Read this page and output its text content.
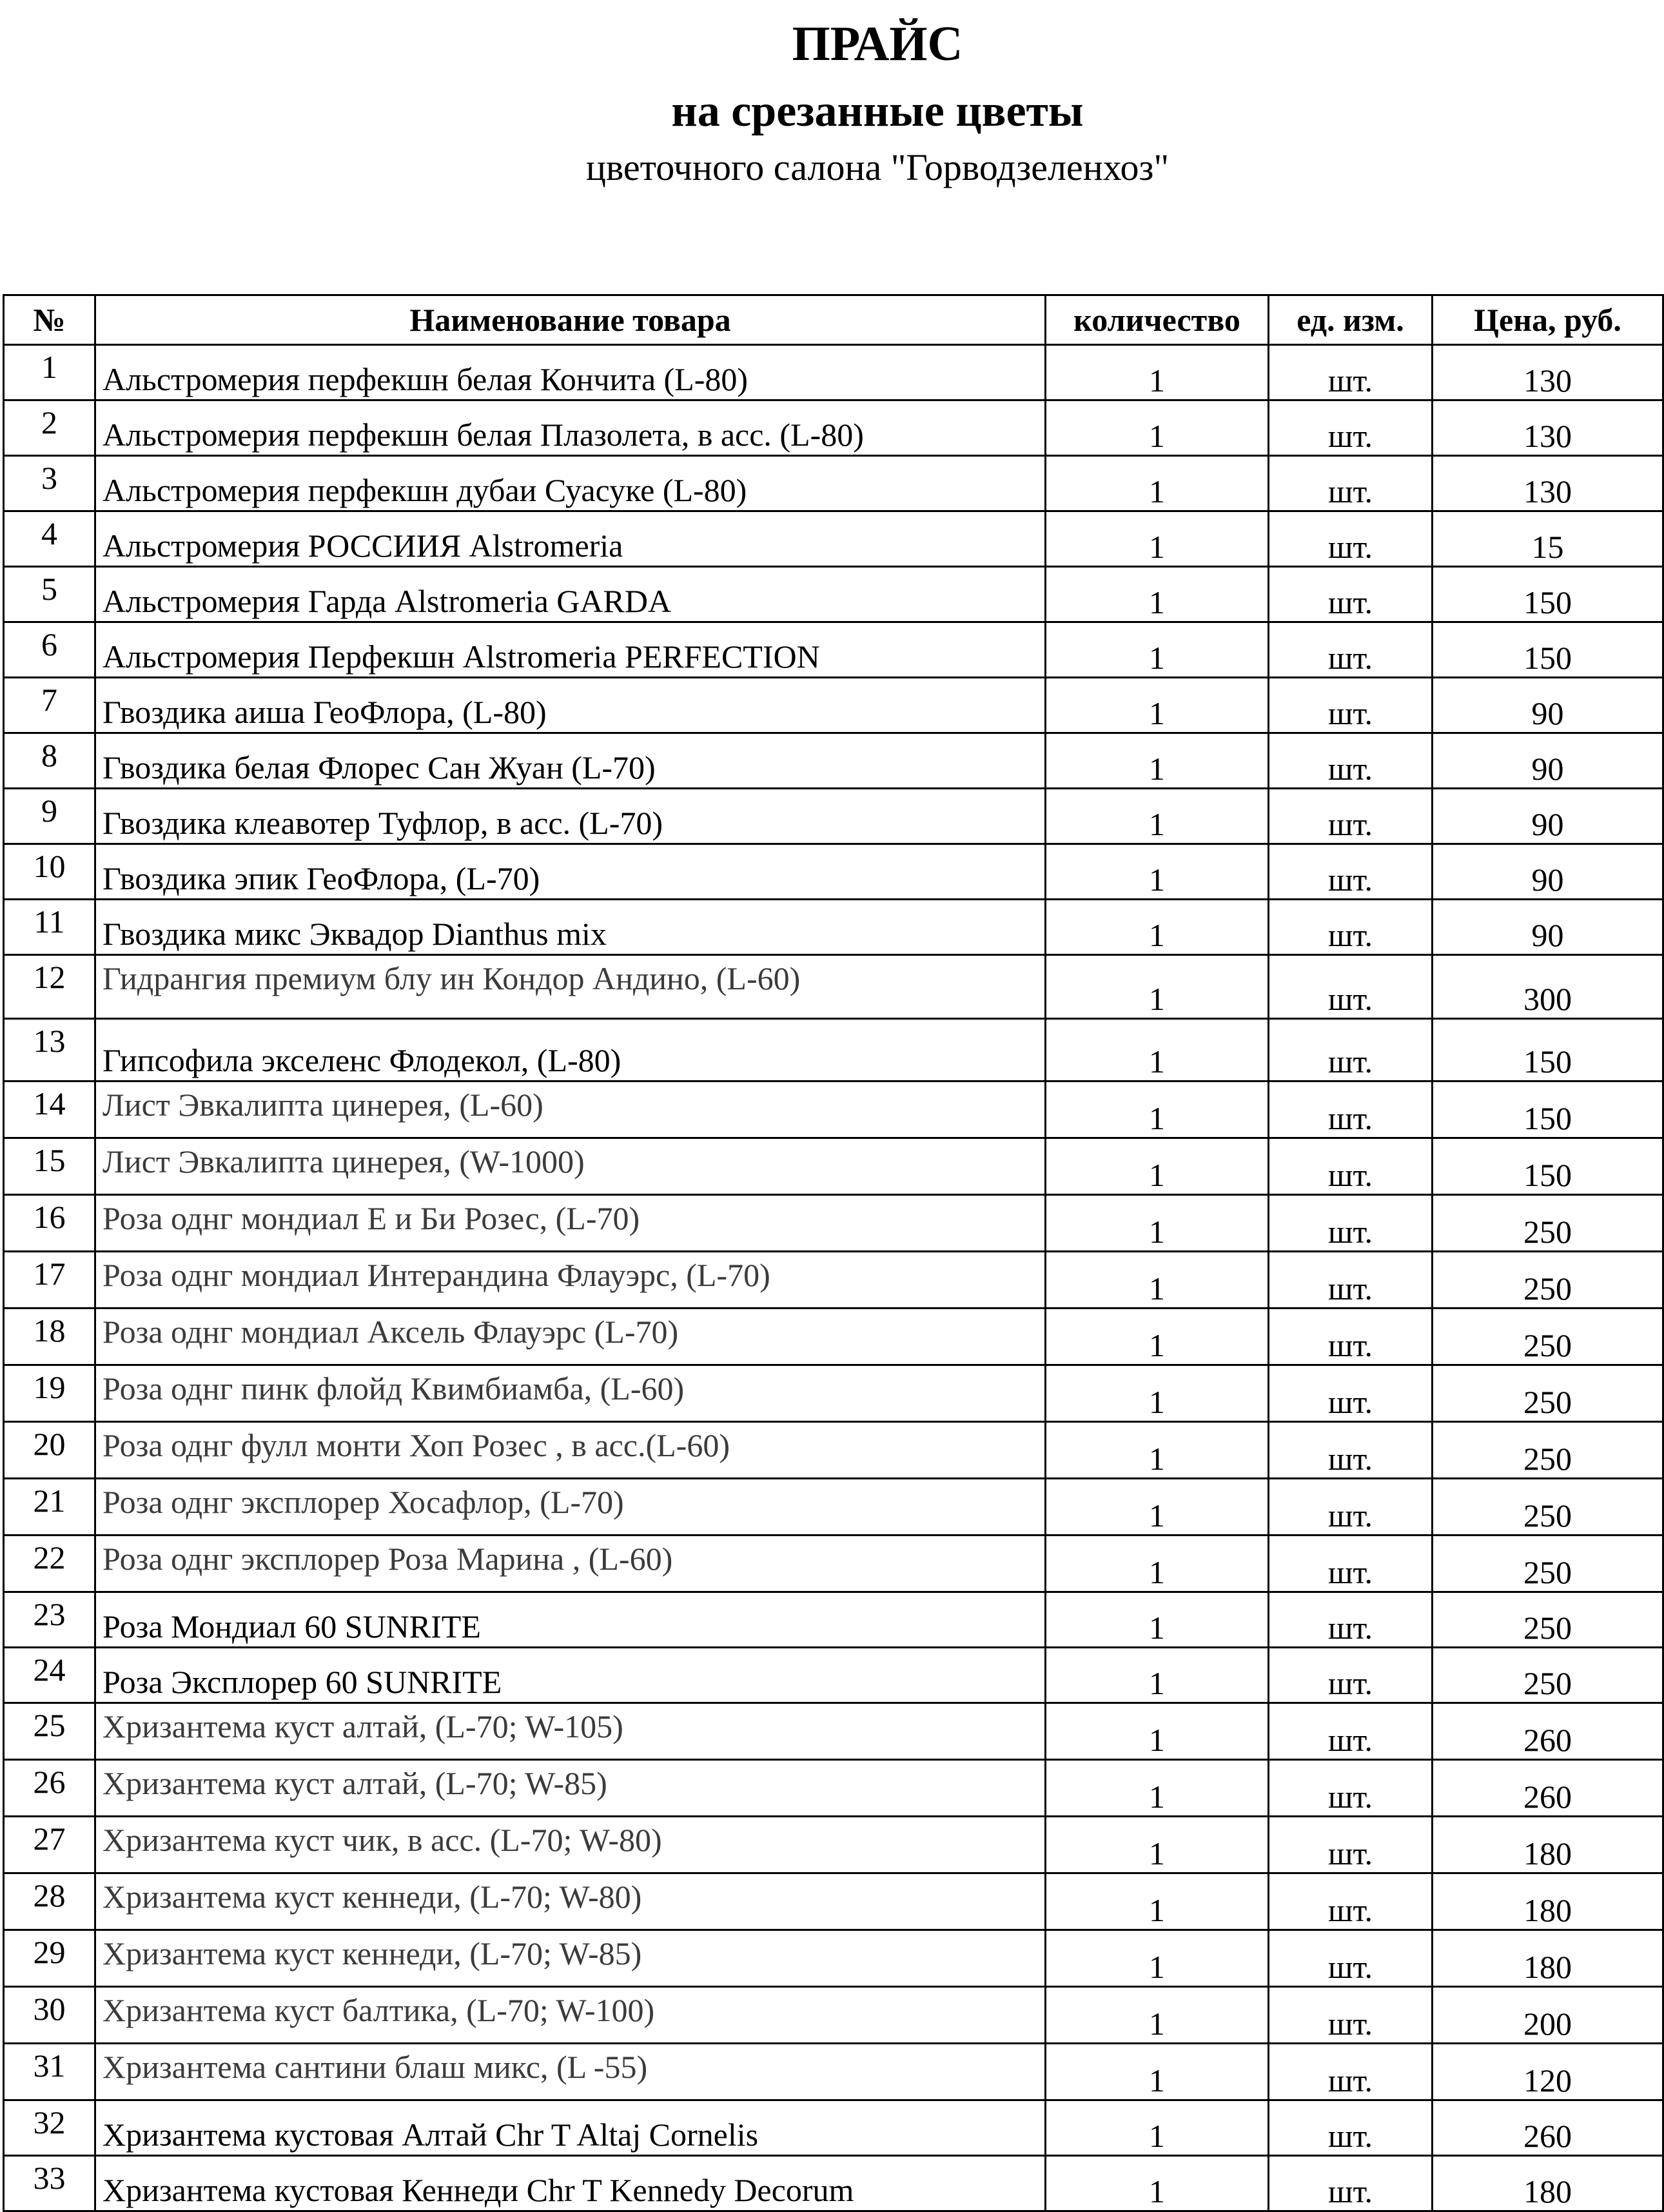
ПРАЙС
на срезанные цветы
цветочного салона "Горводзеленхоз"
№	Наименование товара	количество	ед. изм.	Цена, руб.
1	Альстромерия перфекшн белая Кончита (L-80)	1	шт.	130
2	Альстромерия перфекшн белая Плазолета, в асс. (L-80)	1	шт.	130
3	Альстромерия перфекшн дубаи Суасуке (L-80)	1	шт.	130
4	Альстромерия РОССИИЯ Alstromeria	1	шт.	15
5	Альстромерия Гарда Alstromeria GARDA	1	шт.	150
6	Альстромерия Перфекшн Alstromeria PERFECTION	1	шт.	150
7	Гвоздика аиша ГеоФлора, (L-80)	1	шт.	90
8	Гвоздика белая Флорес Сан Жуан (L-70)	1	шт.	90
9	Гвоздика клеавотер Туфлор, в асс. (L-70)	1	шт.	90
10	Гвоздика эпик ГеоФлора, (L-70)	1	шт.	90
11	Гвоздика микс Эквадор Dianthus mix	1	шт.	90
12	Гидрангия премиум блу ин Кондор Андино, (L-60)	1	шт.	300
13	Гипсофила экселенс Флодекол, (L-80)	1	шт.	150
14	Лист Эвкалипта цинерея, (L-60)	1	шт.	150
15	Лист Эвкалипта цинерея, (W-1000)	1	шт.	150
16	Роза однг мондиал Е и Би Розес, (L-70)	1	шт.	250
17	Роза однг мондиал Интерандина Флауэрс, (L-70)	1	шт.	250
18	Роза однг мондиал Аксель Флауэрс (L-70)	1	шт.	250
19	Роза однг пинк флойд Квимбиамба, (L-60)	1	шт.	250
20	Роза однг фулл монти Хоп Розес , в асс.(L-60)	1	шт.	250
21	Роза однг эксплорер Хосафлор, (L-70)	1	шт.	250
22	Роза однг эксплорер Роза Марина , (L-60)	1	шт.	250
23	Роза Мондиал 60 SUNRITE	1	шт.	250
24	Роза Эксплорер 60 SUNRITE	1	шт.	250
25	Хризантема куст алтай, (L-70; W-105)	1	шт.	260
26	Хризантема куст алтай, (L-70; W-85)	1	шт.	260
27	Хризантема куст чик, в асс. (L-70; W-80)	1	шт.	180
28	Хризантема куст кеннеди, (L-70; W-80)	1	шт.	180
29	Хризантема куст кеннеди, (L-70; W-85)	1	шт.	180
30	Хризантема куст балтика, (L-70; W-100)	1	шт.	200
31	Хризантема сантини блаш микс, (L -55)	1	шт.	120
32	Хризантема кустовая Алтай Chr T Altaj Cornelis	1	шт.	260
33	Хризантема кустовая Кеннеди Chr T Kennedy Decorum	1	шт.	180
